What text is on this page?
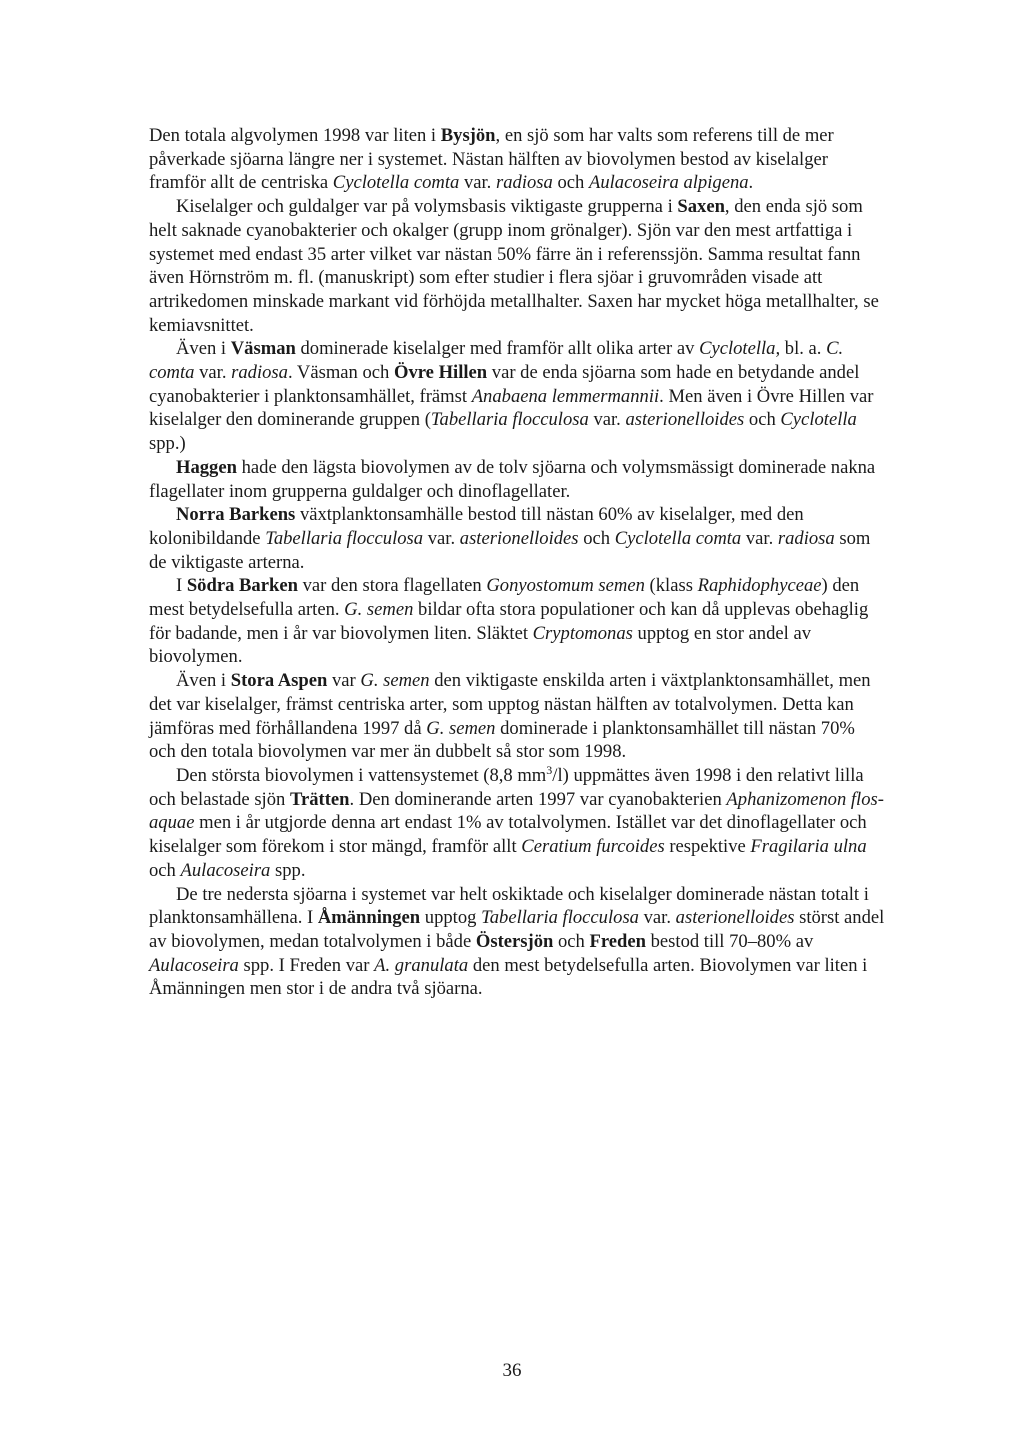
Den totala algvolymen 1998 var liten i Bysjön, en sjö som har valts som referens till de mer påverkade sjöarna längre ner i systemet. Nästan hälften av biovolymen bestod av kiselalger framför allt de centriska Cyclotella comta var. radiosa och Aulacoseira alpigena.

Kiselalger och guldalger var på volymsbasis viktigaste grupperna i Saxen, den enda sjö som helt saknade cyanobakterier och okalger (grupp inom grönalger). Sjön var den mest artfattiga i systemet med endast 35 arter vilket var nästan 50% färre än i referenssjön. Samma resultat fann även Hörnström m. fl. (manuskript) som efter studier i flera sjöar i gruvområden visade att artrikedomen minskade markant vid förhöjda metallhalter. Saxen har mycket höga metallhalter, se kemiavsnittet.

Även i Väsman dominerade kiselalger med framför allt olika arter av Cyclotella, bl. a. C. comta var. radiosa. Väsman och Övre Hillen var de enda sjöarna som hade en betydande andel cyanobakterier i planktonsamhället, främst Anabaena lemmermannii. Men även i Övre Hillen var kiselalger den dominerande gruppen (Tabellaria flocculosa var. asterionelloides och Cyclotella spp.)

Haggen hade den lägsta biovolymen av de tolv sjöarna och volymsmässigt dominerade nakna flagellater inom grupperna guldalger och dinoflagellater.

Norra Barkens växtplanktonsamhälle bestod till nästan 60% av kiselalger, med den kolonibildande Tabellaria flocculosa var. asterionelloides och Cyclotella comta var. radiosa som de viktigaste arterna.

I Södra Barken var den stora flagellaten Gonyostomum semen (klass Raphidophyceae) den mest betydelsefulla arten. G. semen bildar ofta stora populationer och kan då upplevas obehaglig för badande, men i år var biovolymen liten. Släktet Cryptomonas upptog en stor andel av biovolymen.

Även i Stora Aspen var G. semen den viktigaste enskilda arten i växtplanktonsamhället, men det var kiselalger, främst centriska arter, som upptog nästan hälften av totalvolymen. Detta kan jämföras med förhållandena 1997 då G. semen dominerade i planktonsamhället till nästan 70% och den totala biovolymen var mer än dubbelt så stor som 1998.

Den största biovolymen i vattensystemet (8,8 $mm^3/l$) uppmättes även 1998 i den relativt lilla och belastade sjön Trätten. Den dominerande arten 1997 var cyanobakterien Aphanizomenon flos-aquae men i år utgjorde denna art endast 1% av totalvolymen. Istället var det dinoflagellater och kiselalger som förekom i stor mängd, framför allt Ceratium furcoides respektive Fragilaria ulna och Aulacoseira spp.

De tre nedersta sjöarna i systemet var helt oskiktade och kiselalger dominerade nästan totalt i planktonsamhällena. I Åmänningen upptog Tabellaria flocculosa var. asterionelloides störst andel av biovolymen, medan totalvolymen i både Östersjön och Freden bestod till 70–80% av Aulacoseira spp. I Freden var A. granulata den mest betydelsefulla arten. Biovolymen var liten i Åmänningen men stor i de andra två sjöarna.

36
